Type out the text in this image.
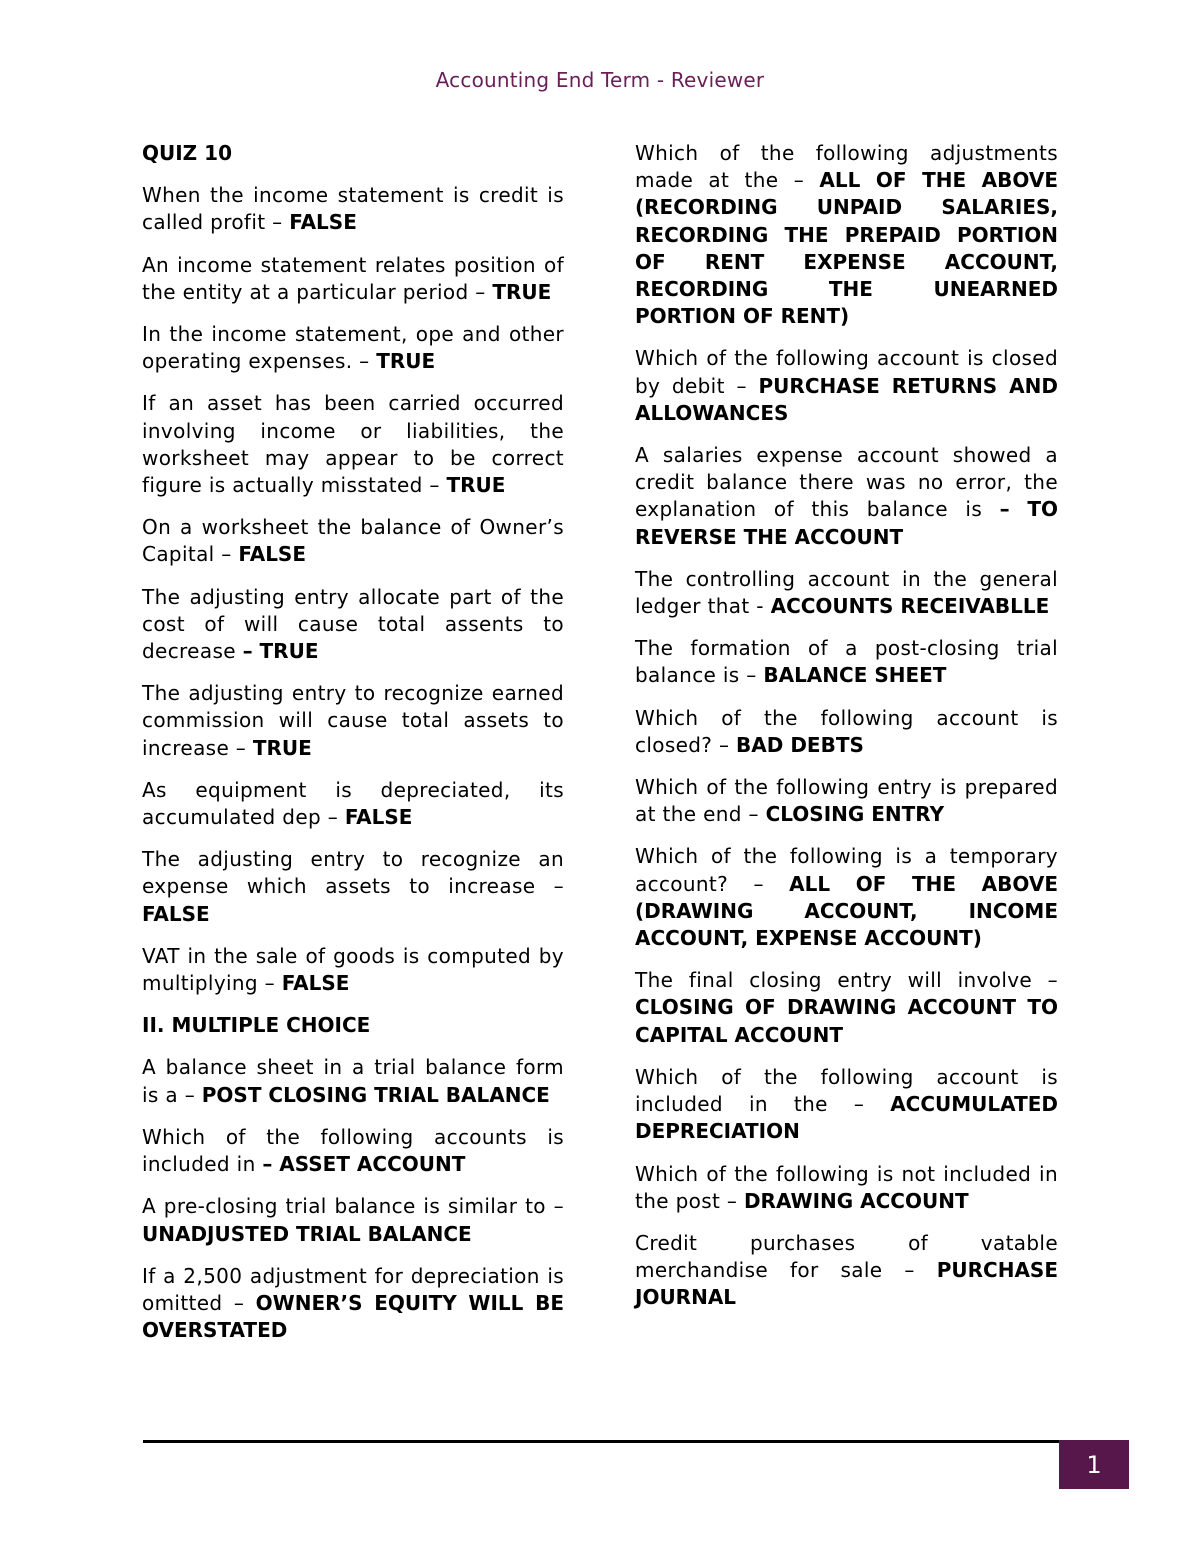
Accounting End Term - Reviewer
QUIZ 10
When the income statement is credit is called profit – FALSE
An income statement relates position of the entity at a particular period – TRUE
In the income statement, ope and other operating expenses. – TRUE
If an asset has been carried occurred involving income or liabilities, the worksheet may appear to be correct figure is actually misstated – TRUE
On a worksheet the balance of Owner’s Capital – FALSE
The adjusting entry allocate part of the cost of will cause total assents to decrease – TRUE
The adjusting entry to recognize earned commission will cause total assets to increase – TRUE
As equipment is depreciated, its accumulated dep – FALSE
The adjusting entry to recognize an expense which assets to increase – FALSE
VAT in the sale of goods is computed by multiplying – FALSE
II. MULTIPLE CHOICE
A balance sheet in a trial balance form is a – POST CLOSING TRIAL BALANCE
Which of the following accounts is included in – ASSET ACCOUNT
A pre-closing trial balance is similar to – UNADJUSTED TRIAL BALANCE
If a 2,500 adjustment for depreciation is omitted – OWNER’S EQUITY WILL BE OVERSTATED
Which of the following adjustments made at the – ALL OF THE ABOVE (RECORDING UNPAID SALARIES, RECORDING THE PREPAID PORTION OF RENT EXPENSE ACCOUNT, RECORDING THE UNEARNED PORTION OF RENT)
Which of the following account is closed by debit – PURCHASE RETURNS AND ALLOWANCES
A salaries expense account showed a credit balance there was no error, the explanation of this balance is – TO REVERSE THE ACCOUNT
The controlling account in the general ledger that - ACCOUNTS RECEIVABLLE
The formation of a post-closing trial balance is – BALANCE SHEET
Which of the following account is closed? – BAD DEBTS
Which of the following entry is prepared at the end – CLOSING ENTRY
Which of the following is a temporary account? – ALL OF THE ABOVE (DRAWING ACCOUNT, INCOME ACCOUNT, EXPENSE ACCOUNT)
The final closing entry will involve – CLOSING OF DRAWING ACCOUNT TO CAPITAL ACCOUNT
Which of the following account is included in the – ACCUMULATED DEPRECIATION
Which of the following is not included in the post – DRAWING ACCOUNT
Credit purchases of vatable merchandise for sale – PURCHASE JOURNAL
1
